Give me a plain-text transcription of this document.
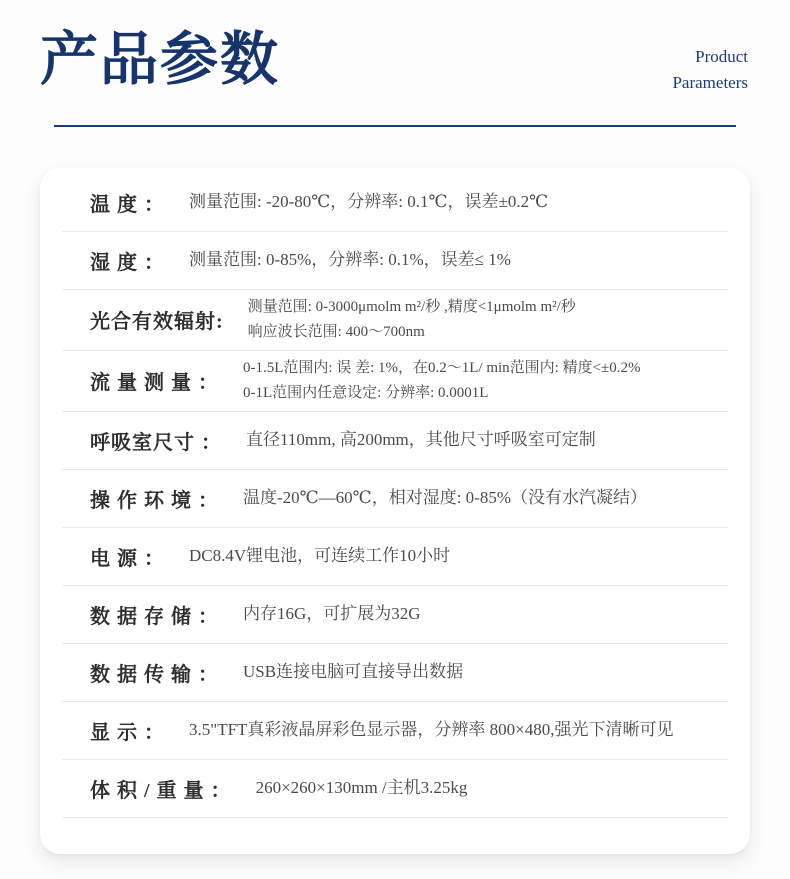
产品参数	Product
Parameters
温 度 ： 测量范围: -20-80℃，分辨率: 0.1℃，误差±0.2℃
湿 度 ： 测量范围: 0-85%，分辨率: 0.1%，误差≤ 1%
光合有效辐射:
测量范围: 0-3000μmolm m²/秒 ,精度<1μmolm m²/秒
响应波长范围: 400～700nm
流 量 测 量 ：
0-1.5L范围内: 误 差: 1%，在0.2～1L/ min范围内: 精度<±0.2%
0-1L范围内任意设定: 分辨率: 0.0001L
呼吸室尺寸 ： 直径110mm, 高200mm，其他尺寸呼吸室可定制
操 作 环 境 ： 温度-20℃—60℃，相对湿度: 0-85%（没有水汽凝结）
电 源 ： DC8.4V锂电池，可连续工作10小时
数 据 存 储 ： 内存16G，可扩展为32G
数 据 传 输 ： USB连接电脑可直接导出数据
显 示 ： 3.5"TFT真彩液晶屏彩色显示器，分辨率 800×480,强光下清晰可见
体 积 / 重 量 ： 260×260×130mm /主机3.25kg
